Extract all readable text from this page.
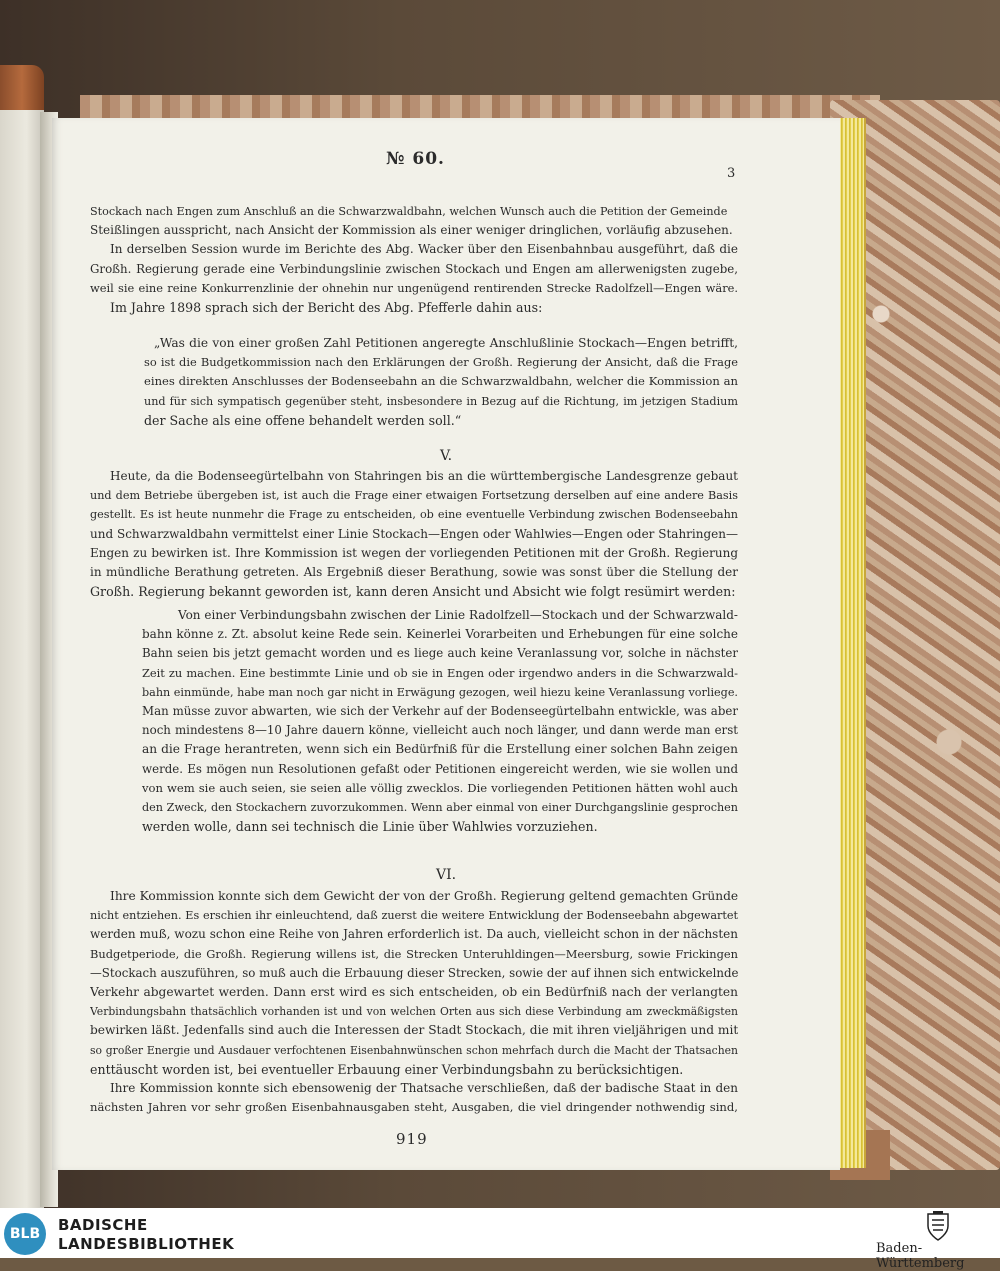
№ 60.
3
Stockach nach Engen zum Anschluß an die Schwarzwaldbahn, welchen Wunsch auch die Petition der Gemeinde
Steißlingen ausspricht, nach Ansicht der Kommission als einer weniger dringlichen, vorläufig abzusehen.
In derselben Session wurde im Berichte des Abg. Wacker über den Eisenbahnbau ausgeführt, daß die
Großh. Regierung gerade eine Verbindungslinie zwischen Stockach und Engen am allerwenigsten zugebe,
weil sie eine reine Konkurrenzlinie der ohnehin nur ungenügend rentirenden Strecke Radolfzell—Engen wäre.
Im Jahre 1898 sprach sich der Bericht des Abg. Pfefferle dahin aus:
„Was die von einer großen Zahl Petitionen angeregte Anschlußlinie Stockach—Engen betrifft,
so ist die Budgetkommission nach den Erklärungen der Großh. Regierung der Ansicht, daß die Frage
eines direkten Anschlusses der Bodenseebahn an die Schwarzwaldbahn, welcher die Kommission an
und für sich sympatisch gegenüber steht, insbesondere in Bezug auf die Richtung, im jetzigen Stadium
der Sache als eine offene behandelt werden soll.“
V.
Heute, da die Bodenseegürtelbahn von Stahringen bis an die württembergische Landesgrenze gebaut
und dem Betriebe übergeben ist, ist auch die Frage einer etwaigen Fortsetzung derselben auf eine andere Basis
gestellt. Es ist heute nunmehr die Frage zu entscheiden, ob eine eventuelle Verbindung zwischen Bodenseebahn
und Schwarzwaldbahn vermittelst einer Linie Stockach—Engen oder Wahlwies—Engen oder Stahringen—
Engen zu bewirken ist. Ihre Kommission ist wegen der vorliegenden Petitionen mit der Großh. Regierung
in mündliche Berathung getreten. Als Ergebniß dieser Berathung, sowie was sonst über die Stellung der
Großh. Regierung bekannt geworden ist, kann deren Ansicht und Absicht wie folgt resümirt werden:
Von einer Verbindungsbahn zwischen der Linie Radolfzell—Stockach und der Schwarzwald-
bahn könne z. Zt. absolut keine Rede sein. Keinerlei Vorarbeiten und Erhebungen für eine solche
Bahn seien bis jetzt gemacht worden und es liege auch keine Veranlassung vor, solche in nächster
Zeit zu machen. Eine bestimmte Linie und ob sie in Engen oder irgendwo anders in die Schwarzwald-
bahn einmünde, habe man noch gar nicht in Erwägung gezogen, weil hiezu keine Veranlassung vorliege.
Man müsse zuvor abwarten, wie sich der Verkehr auf der Bodenseegürtelbahn entwickle, was aber
noch mindestens 8—10 Jahre dauern könne, vielleicht auch noch länger, und dann werde man erst
an die Frage herantreten, wenn sich ein Bedürfniß für die Erstellung einer solchen Bahn zeigen
werde. Es mögen nun Resolutionen gefaßt oder Petitionen eingereicht werden, wie sie wollen und
von wem sie auch seien, sie seien alle völlig zwecklos. Die vorliegenden Petitionen hätten wohl auch
den Zweck, den Stockachern zuvorzukommen. Wenn aber einmal von einer Durchgangslinie gesprochen
werden wolle, dann sei technisch die Linie über Wahlwies vorzuziehen.
VI.
Ihre Kommission konnte sich dem Gewicht der von der Großh. Regierung geltend gemachten Gründe
nicht entziehen. Es erschien ihr einleuchtend, daß zuerst die weitere Entwicklung der Bodenseebahn abgewartet
werden muß, wozu schon eine Reihe von Jahren erforderlich ist. Da auch, vielleicht schon in der nächsten
Budgetperiode, die Großh. Regierung willens ist, die Strecken Unteruhldingen—Meersburg, sowie Frickingen
—Stockach auszuführen, so muß auch die Erbauung dieser Strecken, sowie der auf ihnen sich entwickelnde
Verkehr abgewartet werden. Dann erst wird es sich entscheiden, ob ein Bedürfniß nach der verlangten
Verbindungsbahn thatsächlich vorhanden ist und von welchen Orten aus sich diese Verbindung am zweckmäßigsten
bewirken läßt. Jedenfalls sind auch die Interessen der Stadt Stockach, die mit ihren vieljährigen und mit
so großer Energie und Ausdauer verfochtenen Eisenbahnwünschen schon mehrfach durch die Macht der Thatsachen
enttäuscht worden ist, bei eventueller Erbauung einer Verbindungsbahn zu berücksichtigen.
Ihre Kommission konnte sich ebensowenig der Thatsache verschließen, daß der badische Staat in den
nächsten Jahren vor sehr großen Eisenbahnausgaben steht, Ausgaben, die viel dringender nothwendig sind,
919
BLB	BADISCHE
LANDESBIBLIOTHEK	Baden-Württemberg
